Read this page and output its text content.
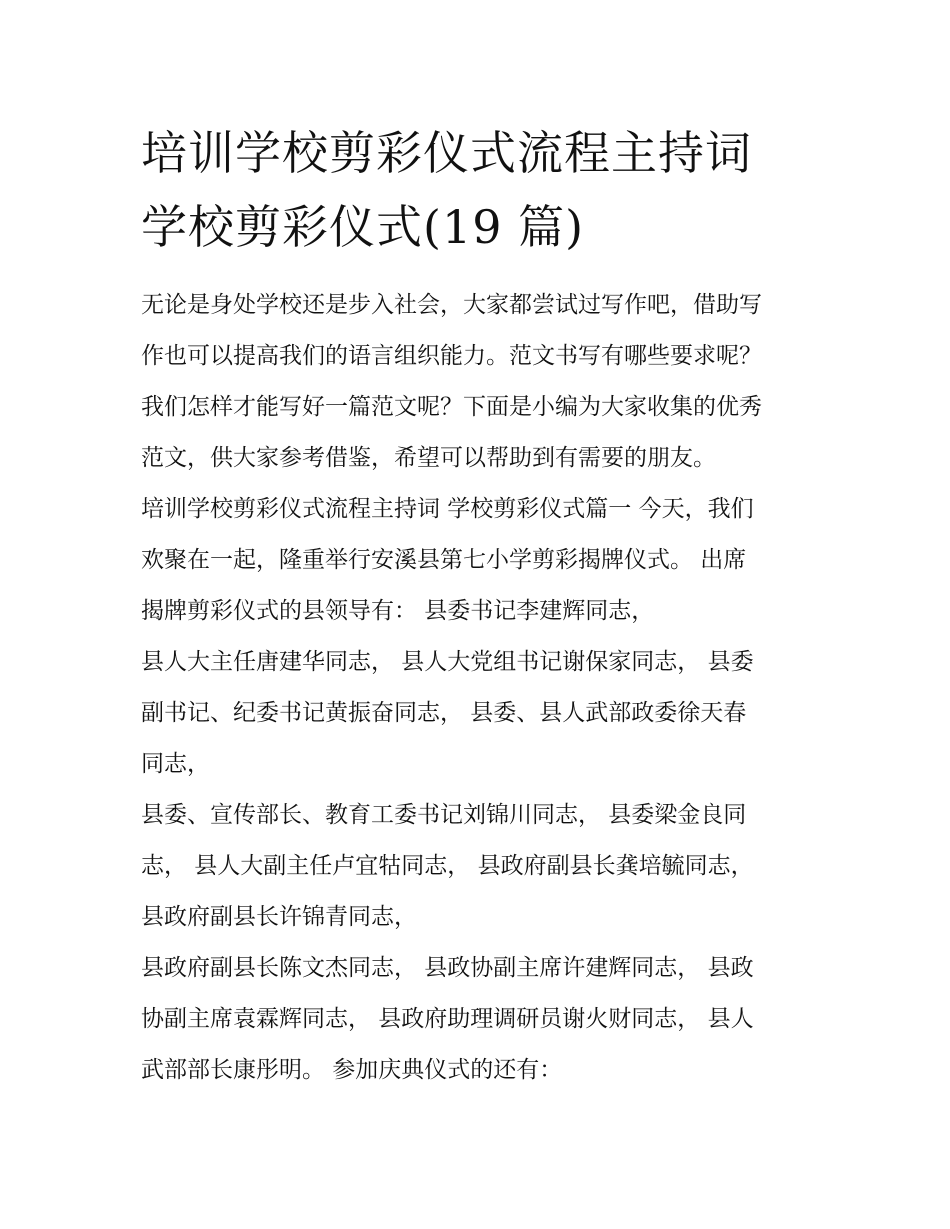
培训学校剪彩仪式流程主持词
学校剪彩仪式(19 篇)

无论是身处学校还是步入社会，大家都尝试过写作吧，借助写
作也可以提高我们的语言组织能力。范文书写有哪些要求呢？
我们怎样才能写好一篇范文呢？下面是小编为大家收集的优秀
范文，供大家参考借鉴，希望可以帮助到有需要的朋友。

培训学校剪彩仪式流程主持词 学校剪彩仪式篇一 今天，我们
欢聚在一起，隆重举行安溪县第七小学剪彩揭牌仪式。 出席
揭牌剪彩仪式的县领导有： 县委书记李建辉同志，

县人大主任唐建华同志， 县人大党组书记谢保家同志， 县委
副书记、纪委书记黄振奋同志， 县委、县人武部政委徐天春
同志，

县委、宣传部长、教育工委书记刘锦川同志， 县委梁金良同
志， 县人大副主任卢宜牯同志， 县政府副县长龚培毓同志，
县政府副县长许锦青同志，

县政府副县长陈文杰同志， 县政协副主席许建辉同志， 县政
协副主席袁霖辉同志， 县政府助理调研员谢火财同志， 县人
武部部长康彤明。 参加庆典仪式的还有：
